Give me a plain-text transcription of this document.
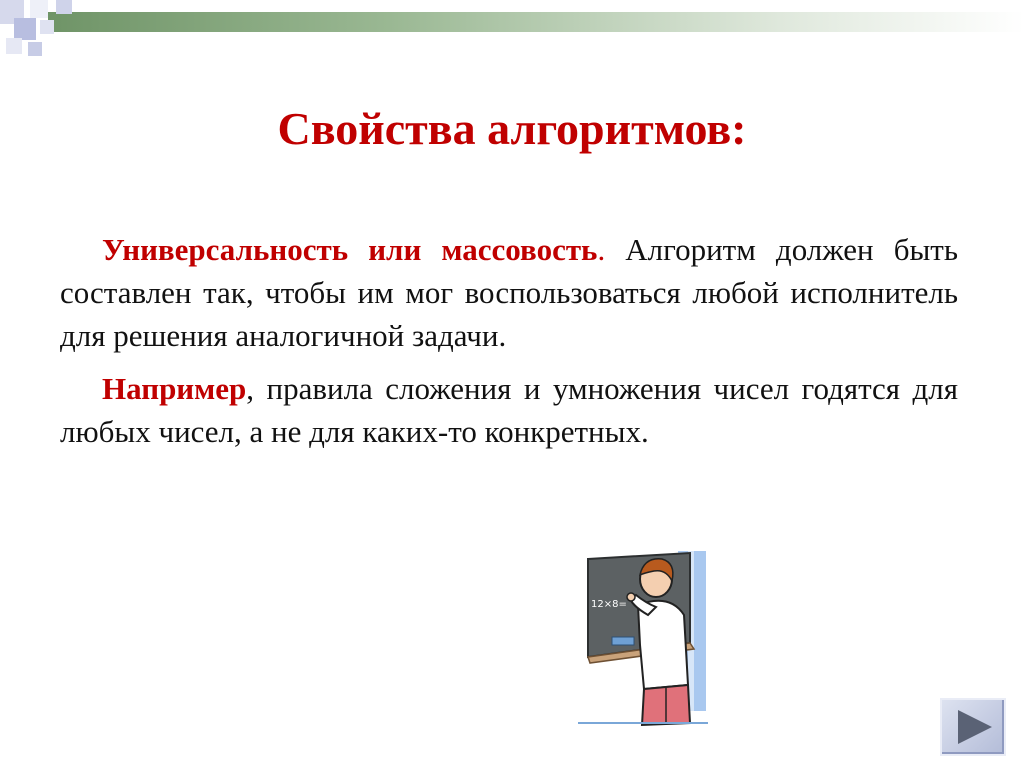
Свойства алгоритмов:

Универсальность или массовость. Алгоритм должен быть составлен так, чтобы им мог воспользоваться любой исполнитель для решения аналогичной задачи.

Например, правила сложения и умножения чисел годятся для любых чисел, а не для каких-то конкретных.

12×8=
